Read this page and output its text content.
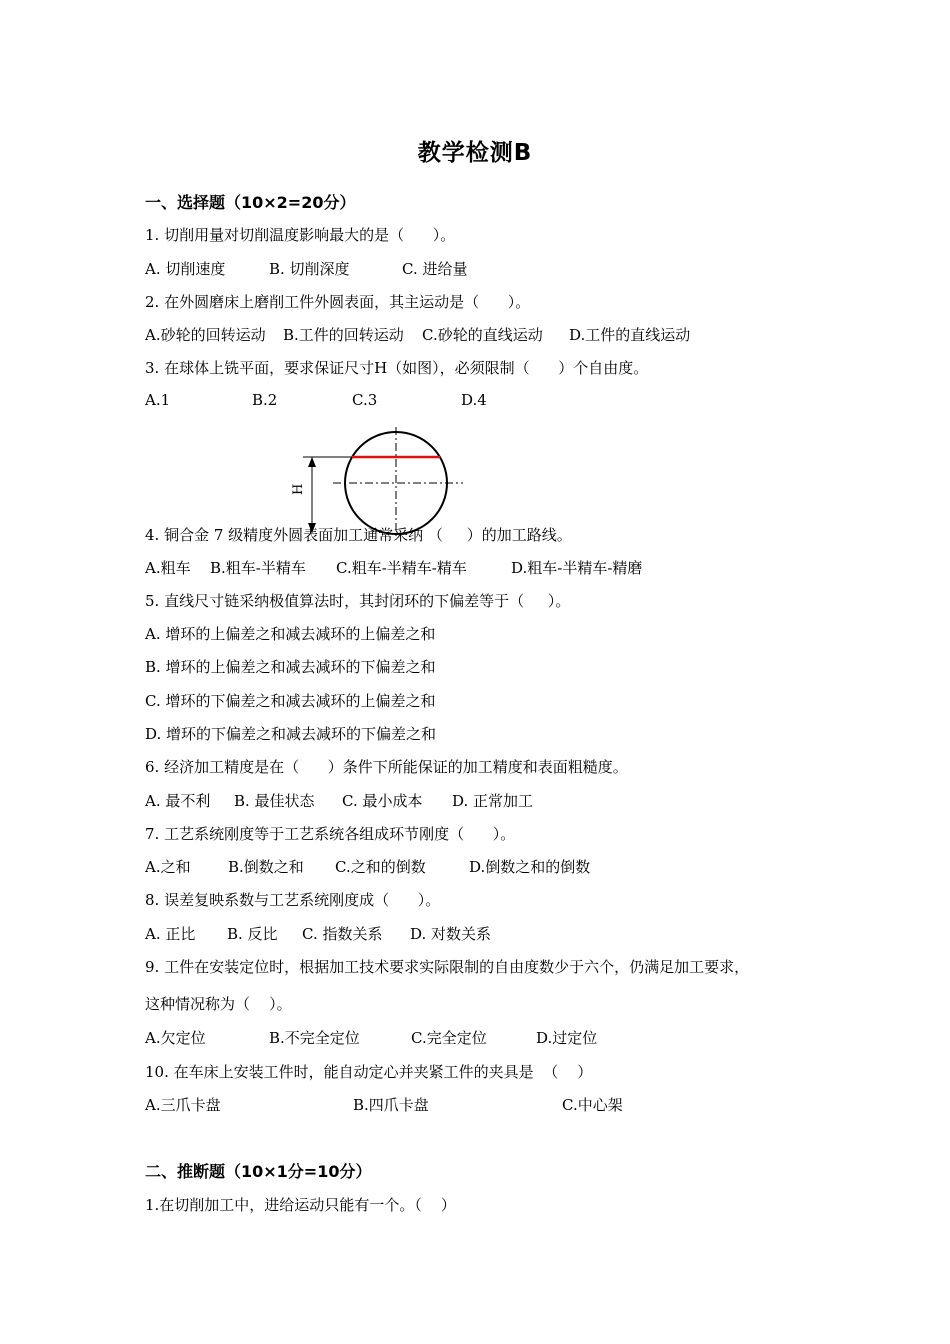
教学检测B
一、选择题（10×2=20分）
1. 切削用量对切削温度影响最大的是（      ）。
A. 切削速度	B. 切削深度	C. 进给量
2. 在外圆磨床上磨削工件外圆表面，其主运动是（      ）。
A.砂轮的回转运动 B.工件的回转运动 C.砂轮的直线运动 D.工件的直线运动
3. 在球体上铣平面，要求保证尺寸H（如图），必须限制（      ）个自由度。
A.1	B.2	C.3	D.4
H
4. 铜合金 7 级精度外圆表面加工通常采纳 （     ）的加工路线。
A.粗车 B.粗车-半精车 C.粗车-半精车-精车	D.粗车-半精车-精磨
5. 直线尺寸链采纳极值算法时，其封闭环的下偏差等于（     ）。
A. 增环的上偏差之和减去减环的上偏差之和
B. 增环的上偏差之和减去减环的下偏差之和
C. 增环的下偏差之和减去减环的上偏差之和
D. 增环的下偏差之和减去减环的下偏差之和
6. 经济加工精度是在（      ）条件下所能保证的加工精度和表面粗糙度。
A. 最不利 B. 最佳状态 C. 最小成本 D. 正常加工
7. 工艺系统刚度等于工艺系统各组成环节刚度（      ）。
A.之和 B.倒数之和 C.之和的倒数	D.倒数之和的倒数
8. 误差复映系数与工艺系统刚度成（      ）。
A. 正比 B. 反比 C. 指数关系 D. 对数关系
9. 工件在安装定位时，根据加工技术要求实际限制的自由度数少于六个，仍满足加工要求，
这种情况称为（    ）。
A.欠定位	B.不完全定位	C.完全定位	D.过定位
10. 在车床上安装工件时，能自动定心并夹紧工件的夹具是  （    ）
A.三爪卡盘	B.四爪卡盘	C.中心架
二、推断题（10×1分=10分）
1.在切削加工中，进给运动只能有一个。（    ）
